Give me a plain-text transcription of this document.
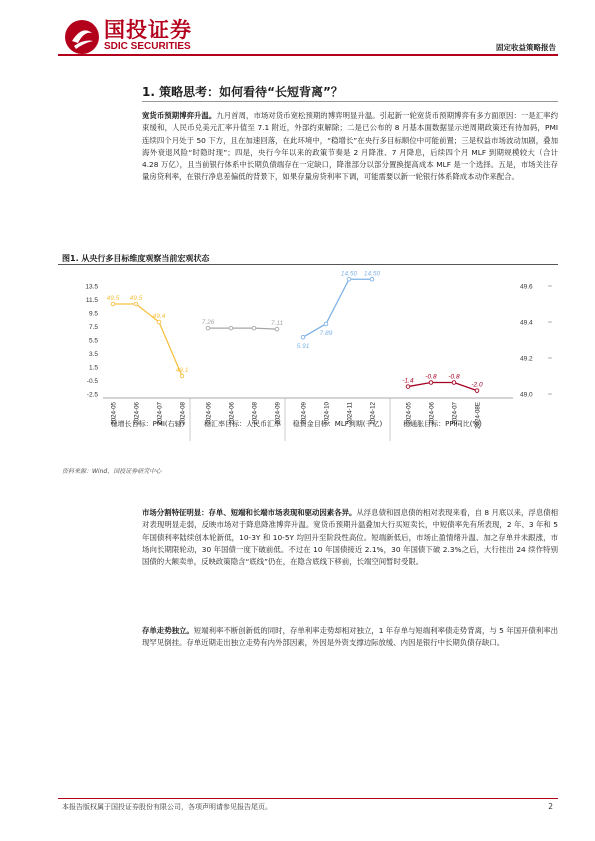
国投证券
SDIC SECURITIES	固定收益策略报告
1. 策略思考：如何看待“长短背离”？
宽货币预期博弈升温。九月首周，市场对货币宽松预期的博弈明显升温。引起新一轮宽货币预期博弈有多方面原因：一是汇率约束缓和，人民币兑美元汇率升值至 7.1 附近，外部约束解除；二是已公布的 8 月基本面数据显示逆周期政策还有待加码，PMI 连续四个月处于 50 下方，且在加速回落，在此环境中，“稳增长”在央行多目标顺位中可能前置；三是权益市场波动加剧，叠加海外衰退风险“时隐时现”；四是，央行今年以来的政策节奏是 2 月降准、7 月降息，后续四个月 MLF 到期规模较大（合计 4.28 万亿），且当前银行体系中长期负债端存在一定缺口，降准部分以部分置换提高成本 MLF 是一个选择。五是，市场关注存量房贷利率，在银行净息差偏低的背景下，如果存量房贷利率下调，可能需要以新一轮银行体系降成本动作来配合。
图1. 从央行多目标维度观察当前宏观状态
13.5
11.5
9.5
7.5
5.5
3.5
1.5
-0.5
-2.5
49.6
49.4
49.2
49.0
49.5 49.5
49.4
49.1
7.26	7.11
5.91
7.89
14.50 14.50
-1.4
-0.8 -0.8
-2.0
2024-05	2024-06	2024-07	2024-08
稳增长目标：PMI(右轴)	2024-06	2024-06	2024-08	2024-09
稳汇率目标：人民币汇率	2024-09	2024-10	2024-11	2024-12
稳资金目标：MLF到期(千亿)	2024-05	2024-06	2024-07	2024-08E
稳通胀目标：PPI同比(%)
资料来源：Wind，国投证券研究中心
市场分割特征明显：存单、短端和长端市场表现和驱动因素各异。从浮息债和固息债的相对表现来看，自 8 月底以来，浮息债相对表现明显走弱，反映市场对于降息降准博弈升温。宽货币预期升温叠加大行买短卖长，中短债率先有所表现，2 年、3 年和 5 年国债利率陆续创本轮新低，10-3Y 和 10-5Y 均回升至阶段性高位。短端新低后，市场止盈情绪升温、加之存单并未跟涨，市场向长期限轮动，30 年国债一度下破前低。不过在 10 年国债接近 2.1%，30 年国债下破 2.3%之后，大行挂出 24 续作特别国债的大额卖单，反映政策隐含“底线”仍在，在隐含底线下移前，长端空间暂时受限。
存单走势独立。短端利率不断创新低的同时，存单利率走势却相对独立，1 年存单与短端利率债走势背离，与 5 年国开债利率出现罕见倒挂。存单近期走出独立走势有内外部因素，外因是外资支撑边际放缓、内因是银行中长期负债存缺口。
本报告版权属于国投证券股份有限公司，各项声明请参见报告尾页。	2
